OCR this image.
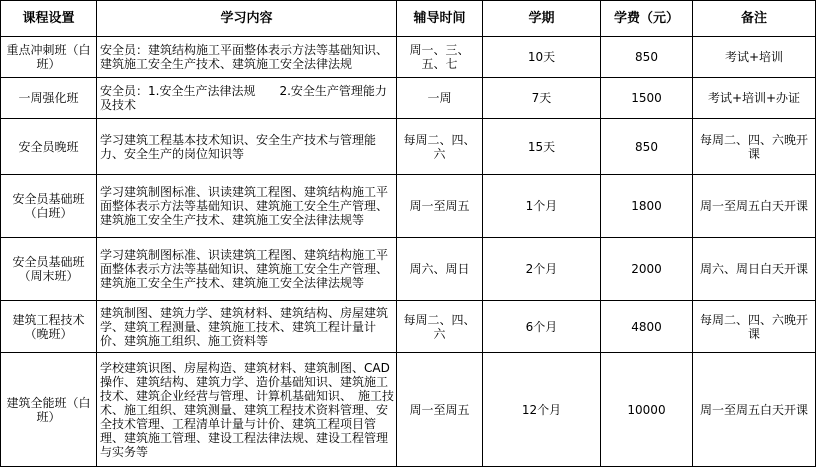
课程设置	学习内容	辅导时间	学期	学费（元）	备注
重点冲刺班（白班）	安全员：建筑结构施工平面整体表示方法等基础知识、建筑施工安全生产技术、建筑施工安全法律法规	周一、三、五、七	10天	850	考试+培训
一周强化班	安全员：1.安全生产法律法规　　2.安全生产管理能力及技术	一周	7天	1500	考试+培训+办证
安全员晚班	学习建筑工程基本技术知识、安全生产技术与管理能力、安全生产的岗位知识等	每周二、四、六	15天	850	每周二、四、六晚开课
安全员基础班（白班）	学习建筑制图标准、识读建筑工程图、建筑结构施工平面整体表示方法等基础知识、建筑施工安全生产管理、建筑施工安全生产技术、建筑施工安全法律法规等	周一至周五	1个月	1800	周一至周五白天开课
安全员基础班（周末班）	学习建筑制图标准、识读建筑工程图、建筑结构施工平面整体表示方法等基础知识、建筑施工安全生产管理、建筑施工安全生产技术、建筑施工安全法律法规等	周六、周日	2个月	2000	周六、周日白天开课
建筑工程技术（晚班）	建筑制图、建筑力学、建筑材料、建筑结构、房屋建筑学、建筑工程测量、建筑施工技术、建筑工程计量计价、建筑施工组织、施工资料等	每周二、四、六	6个月	4800	每周二、四、六晚开课
建筑全能班（白班）	学校建筑识图、房屋构造、建筑材料、建筑制图、CAD操作、建筑结构、建筑力学、造价基础知识、建筑施工技术、建筑企业经营与管理、计算机基础知识、　施工技术、施工组织、建筑测量、建筑工程技术资料管理、安全技术管理、工程清单计量与计价、建筑工程项目管理、建筑施工管理、建设工程法律法规、建设工程管理与实务等	周一至周五	12个月	10000	周一至周五白天开课
